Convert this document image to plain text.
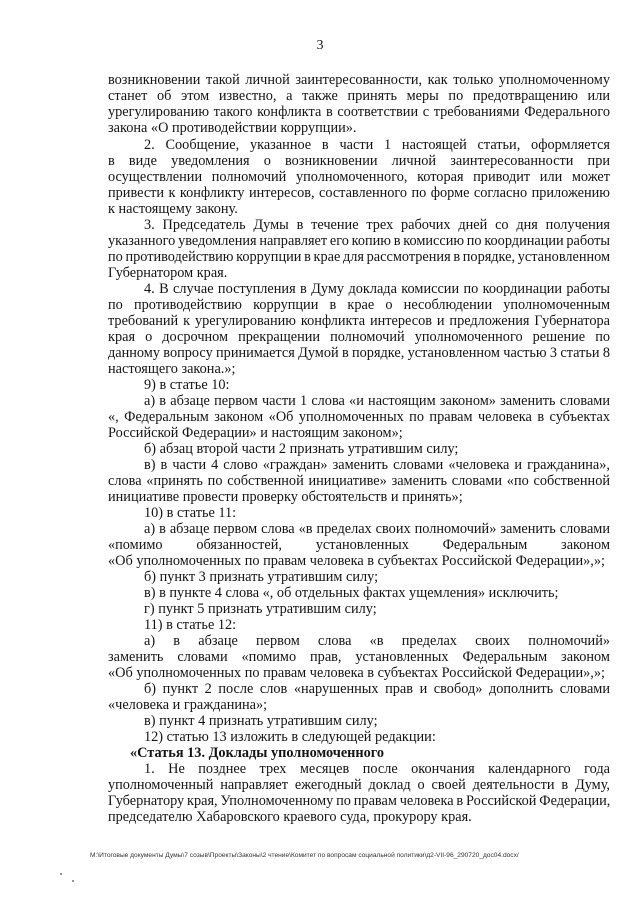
3
возникновении такой личной заинтересованности, как только уполномоченному
станет об этом известно, а также принять меры по предотвращению или
урегулированию такого конфликта в соответствии с требованиями Федерального
закона «О противодействии коррупции».
2. Сообщение, указанное в части 1 настоящей статьи, оформляется
в виде уведомления о возникновении личной заинтересованности при
осуществлении полномочий уполномоченного, которая приводит или может
привести к конфликту интересов, составленного по форме согласно приложению
к настоящему закону.
3. Председатель Думы в течение трех рабочих дней со дня получения
указанного уведомления направляет его копию в комиссию по координации работы
по противодействию коррупции в крае для рассмотрения в порядке, установленном
Губернатором края.
4. В случае поступления в Думу доклада комиссии по координации работы
по противодействию коррупции в крае о несоблюдении уполномоченным
требований к урегулированию конфликта интересов и предложения Губернатора
края о досрочном прекращении полномочий уполномоченного решение по
данному вопросу принимается Думой в порядке, установленном частью 3 статьи 8
настоящего закона.»;
9) в статье 10:
а) в абзаце первом части 1 слова «и настоящим законом» заменить словами
«, Федеральным законом «Об уполномоченных по правам человека в субъектах
Российской Федерации» и настоящим законом»;
б) абзац второй части 2 признать утратившим силу;
в) в части 4 слово «граждан» заменить словами «человека и гражданина»,
слова «принять по собственной инициативе» заменить словами «по собственной
инициативе провести проверку обстоятельств и принять»;
10) в статье 11:
а) в абзаце первом слова «в пределах своих полномочий» заменить словами
«помимо обязанностей, установленных Федеральным законом
«Об уполномоченных по правам человека в субъектах Российской Федерации»,»;
б) пункт 3 признать утратившим силу;
в) в пункте 4 слова «, об отдельных фактах ущемления» исключить;
г) пункт 5 признать утратившим силу;
11) в статье 12:
а) в абзаце первом слова «в пределах своих полномочий»
заменить словами «помимо прав, установленных Федеральным законом
«Об уполномоченных по правам человека в субъектах Российской Федерации»,»;
б) пункт 2 после слов «нарушенных прав и свобод» дополнить словами
«человека и гражданина»;
в) пункт 4 признать утратившим силу;
12) статью 13 изложить в следующей редакции:
«Статья 13. Доклады уполномоченного
1. Не позднее трех месяцев после окончания календарного года
уполномоченный направляет ежегодный доклад о своей деятельности в Думу,
Губернатору края, Уполномоченному по правам человека в Российской Федерации,
председателю Хабаровского краевого суда, прокурору края.
M:\Итоговые документы Думы\7 созыв\Проекты\Законы\2 чтение\Комитет по вопросам социальной политики\д2-VII-96_290720_доc04.docx/
